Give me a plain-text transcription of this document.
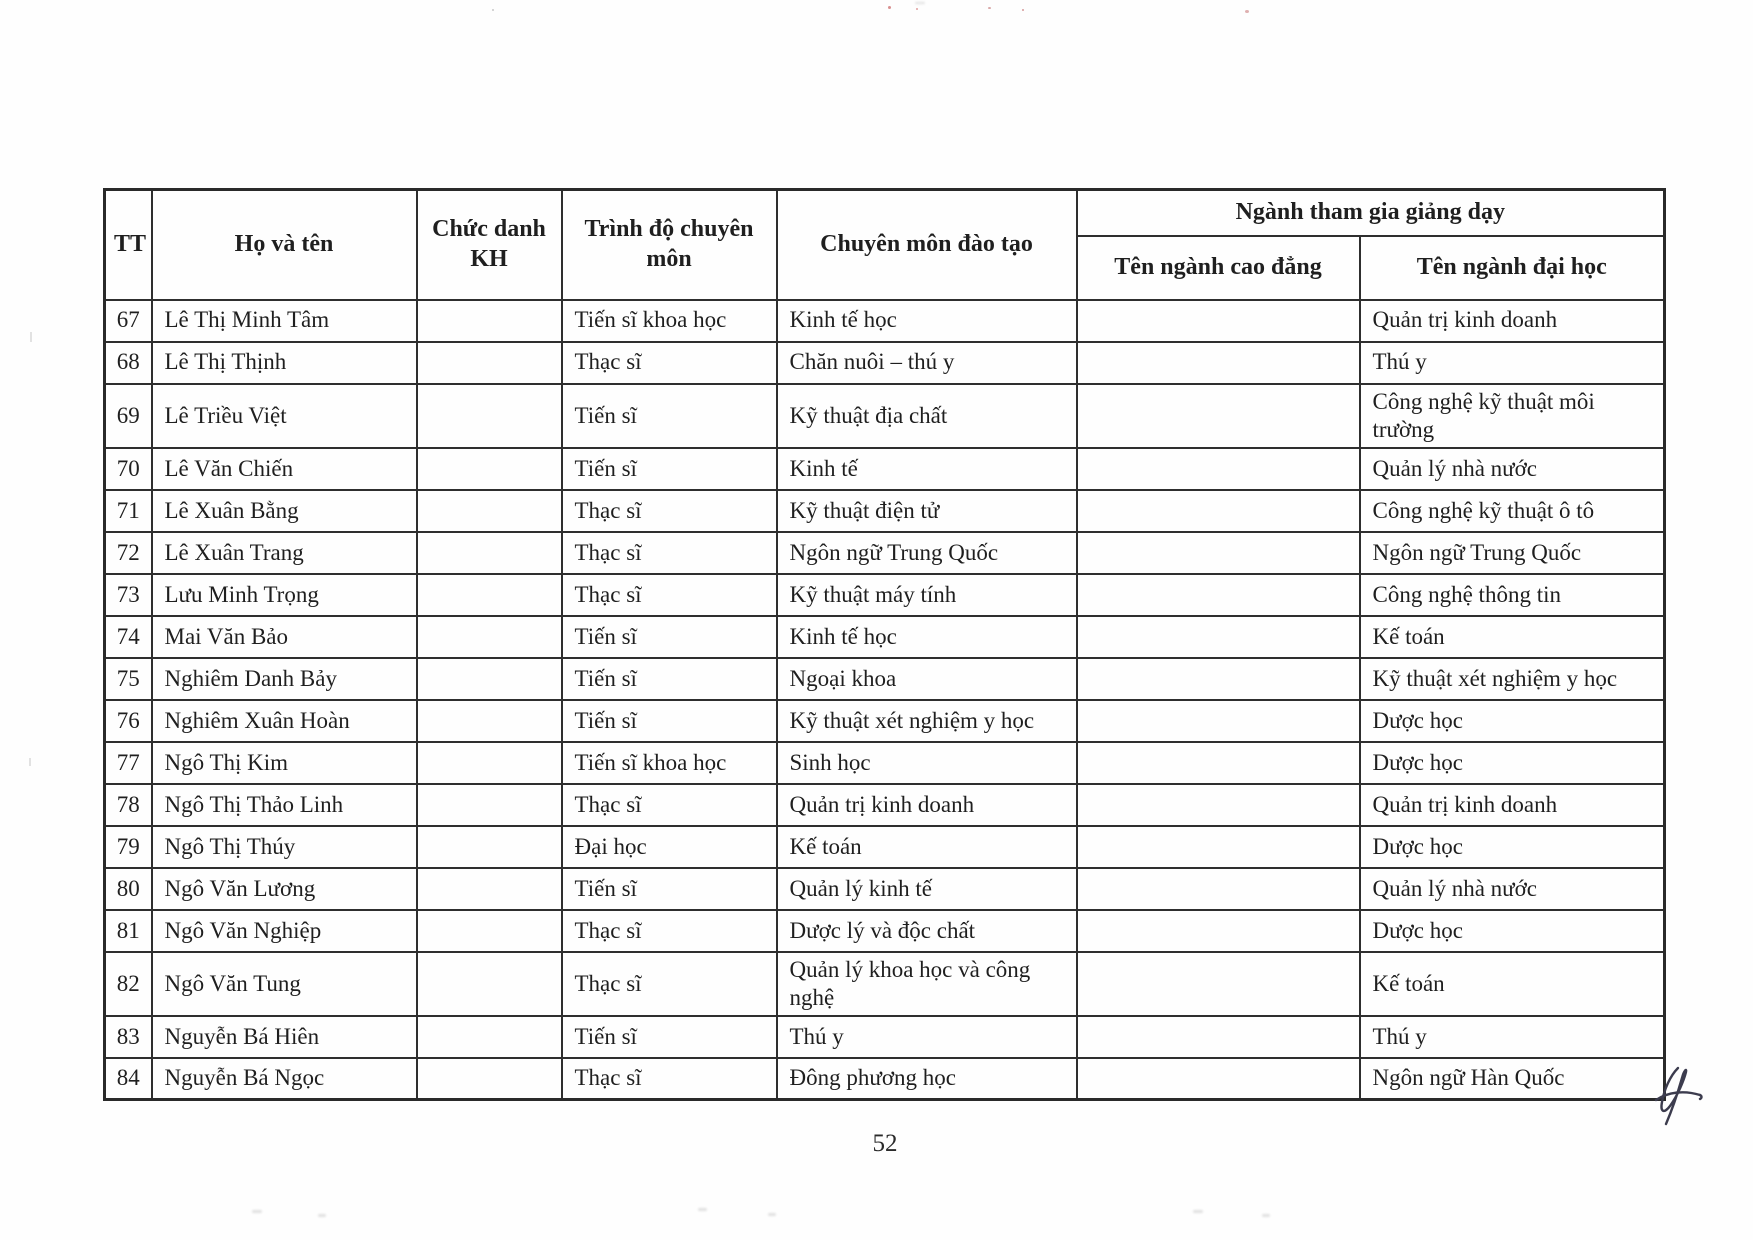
TT	Họ và tên	Chức danh KH	Trình độ chuyên môn	Chuyên môn đào tạo	Ngành tham gia giảng dạy	
					Tên ngành cao đẳng	Tên ngành đại học
67	Lê Thị Minh Tâm		Tiến sĩ khoa học	Kinh tế học		Quản trị kinh doanh
68	Lê Thị Thịnh		Thạc sĩ	Chăn nuôi – thú y		Thú y
69	Lê Triều Việt		Tiến sĩ	Kỹ thuật địa chất		Công nghệ kỹ thuật môi trường
70	Lê Văn Chiến		Tiến sĩ	Kinh tế		Quản lý nhà nước
71	Lê Xuân Bằng		Thạc sĩ	Kỹ thuật điện tử		Công nghệ kỹ thuật ô tô
72	Lê Xuân Trang		Thạc sĩ	Ngôn ngữ Trung Quốc		Ngôn ngữ Trung Quốc
73	Lưu Minh Trọng		Thạc sĩ	Kỹ thuật máy tính		Công nghệ thông tin
74	Mai Văn Bảo		Tiến sĩ	Kinh tế học		Kế toán
75	Nghiêm Danh Bảy		Tiến sĩ	Ngoại khoa		Kỹ thuật xét nghiệm y học
76	Nghiêm Xuân Hoàn		Tiến sĩ	Kỹ thuật xét nghiệm y học		Dược học
77	Ngô Thị Kim		Tiến sĩ khoa học	Sinh học		Dược học
78	Ngô Thị Thảo Linh		Thạc sĩ	Quản trị kinh doanh		Quản trị kinh doanh
79	Ngô Thị Thúy		Đại học	Kế toán		Dược học
80	Ngô Văn Lương		Tiến sĩ	Quản lý kinh tế		Quản lý nhà nước
81	Ngô Văn Nghiệp		Thạc sĩ	Dược lý và độc chất		Dược học
82	Ngô Văn Tung		Thạc sĩ	Quản lý khoa học và công nghệ		Kế toán
83	Nguyễn Bá Hiên		Tiến sĩ	Thú y		Thú y
84	Nguyễn Bá Ngọc		Thạc sĩ	Đông phương học		Ngôn ngữ Hàn Quốc
52
